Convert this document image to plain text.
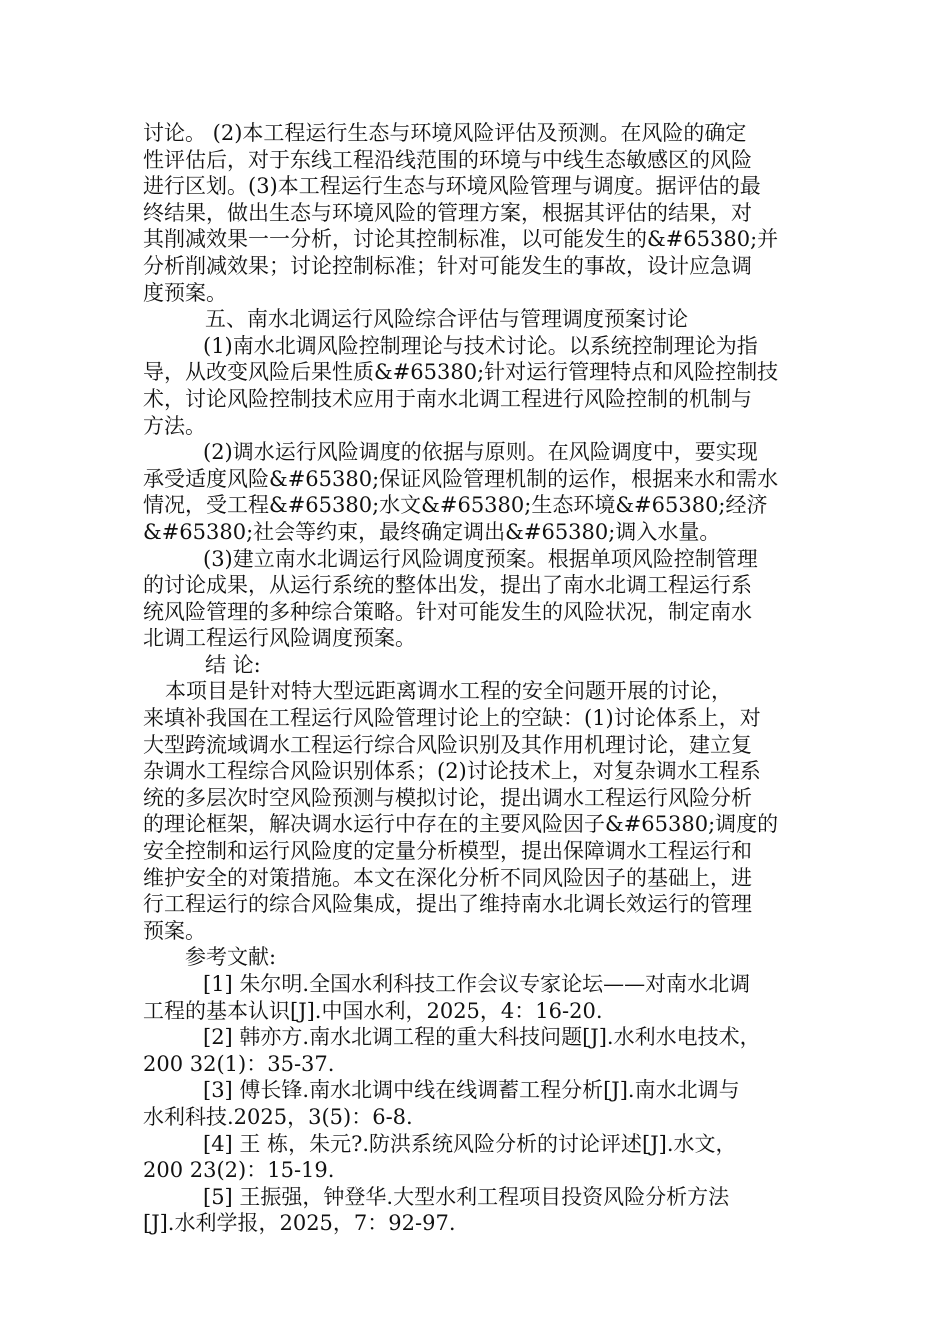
讨论。 (2)本工程运行生态与环境风险评估及预测。在风险的确定
性评估后，对于东线工程沿线范围的环境与中线生态敏感区的风险
进行区划。(3)本工程运行生态与环境风险管理与调度。据评估的最
终结果，做出生态与环境风险的管理方案，根据其评估的结果，对
其削减效果一一分析，讨论其控制标准，以可能发生的&#65380;并
分析削减效果；讨论控制标准；针对可能发生的事故，设计应急调
度预案。
五、南水北调运行风险综合评估与管理调度预案讨论
(1)南水北调风险控制理论与技术讨论。以系统控制理论为指
导，从改变风险后果性质&#65380;针对运行管理特点和风险控制技
术，讨论风险控制技术应用于南水北调工程进行风险控制的机制与
方法。
(2)调水运行风险调度的依据与原则。在风险调度中，要实现
承受适度风险&#65380;保证风险管理机制的运作，根据来水和需水
情况，受工程&#65380;水文&#65380;生态环境&#65380;经济
&#65380;社会等约束，最终确定调出&#65380;调入水量。
(3)建立南水北调运行风险调度预案。根据单项风险控制管理
的讨论成果，从运行系统的整体出发，提出了南水北调工程运行系
统风险管理的多种综合策略。针对可能发生的风险状况，制定南水
北调工程运行风险调度预案。
结 论:
本项目是针对特大型远距离调水工程的安全问题开展的讨论，
来填补我国在工程运行风险管理讨论上的空缺：(1)讨论体系上，对
大型跨流域调水工程运行综合风险识别及其作用机理讨论，建立复
杂调水工程综合风险识别体系；(2)讨论技术上，对复杂调水工程系
统的多层次时空风险预测与模拟讨论，提出调水工程运行风险分析
的理论框架，解决调水运行中存在的主要风险因子&#65380;调度的
安全控制和运行风险度的定量分析模型，提出保障调水工程运行和
维护安全的对策措施。本文在深化分析不同风险因子的基础上，进
行工程运行的综合风险集成，提出了维持南水北调长效运行的管理
预案。
参考文献:
[1] 朱尔明.全国水利科技工作会议专家论坛——对南水北调
工程的基本认识[J].中国水利，2025，4：16-20.
[2] 韩亦方.南水北调工程的重大科技问题[J].水利水电技术，
200 32(1)：35-37.
[3] 傅长锋.南水北调中线在线调蓄工程分析[J].南水北调与
水利科技.2025，3(5)：6-8.
[4] 王 栋，朱元?.防洪系统风险分析的讨论评述[J].水文，
200 23(2)：15-19.
[5] 王振强，钟登华.大型水利工程项目投资风险分析方法
[J].水利学报，2025，7：92-97.
